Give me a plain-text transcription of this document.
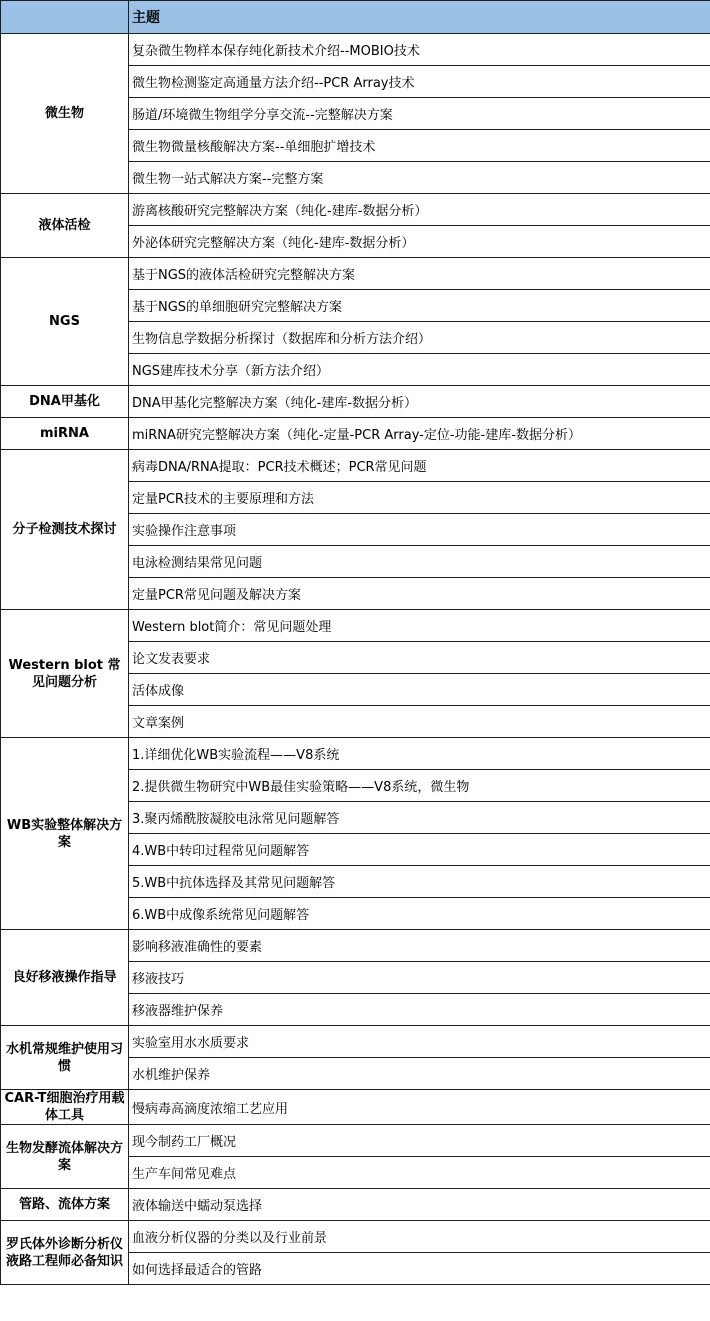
	主题
微生物	复杂微生物样本保存纯化新技术介绍--MOBIO技术
	微生物检测鉴定高通量方法介绍--PCR Array技术
	肠道/环境微生物组学分享交流--完整解决方案
	微生物微量核酸解决方案--单细胞扩增技术
	微生物一站式解决方案--完整方案
液体活检	游离核酸研究完整解决方案（纯化-建库-数据分析）
	外泌体研究完整解决方案（纯化-建库-数据分析）
NGS	基于NGS的液体活检研究完整解决方案
	基于NGS的单细胞研究完整解决方案
	生物信息学数据分析探讨（数据库和分析方法介绍）
	NGS建库技术分享（新方法介绍）
DNA甲基化	DNA甲基化完整解决方案（纯化-建库-数据分析）
miRNA	miRNA研究完整解决方案（纯化-定量-PCR Array-定位-功能-建库-数据分析）
分子检测技术探讨	病毒DNA/RNA提取：PCR技术概述；PCR常见问题
	定量PCR技术的主要原理和方法
	实验操作注意事项
	电泳检测结果常见问题
	定量PCR常见问题及解决方案
Western blot 常见问题分析	Western blot简介：常见问题处理
	论文发表要求
	活体成像
	文章案例
WB实验整体解决方案	1.详细优化WB实验流程——V8系统
	2.提供微生物研究中WB最佳实验策略——V8系统，微生物
	3.聚丙烯酰胺凝胶电泳常见问题解答
	4.WB中转印过程常见问题解答
	5.WB中抗体选择及其常见问题解答
	6.WB中成像系统常见问题解答
良好移液操作指导	影响移液准确性的要素
	移液技巧
	移液器维护保养
水机常规维护使用习惯	实验室用水水质要求
	水机维护保养
CAR-T细胞治疗用载体工具	慢病毒高滴度浓缩工艺应用
生物发酵流体解决方案	现今制药工厂概况
	生产车间常见难点
管路、流体方案	液体输送中蠕动泵选择
罗氏体外诊断分析仪液路工程师必备知识	血液分析仪器的分类以及行业前景
	如何选择最适合的管路
